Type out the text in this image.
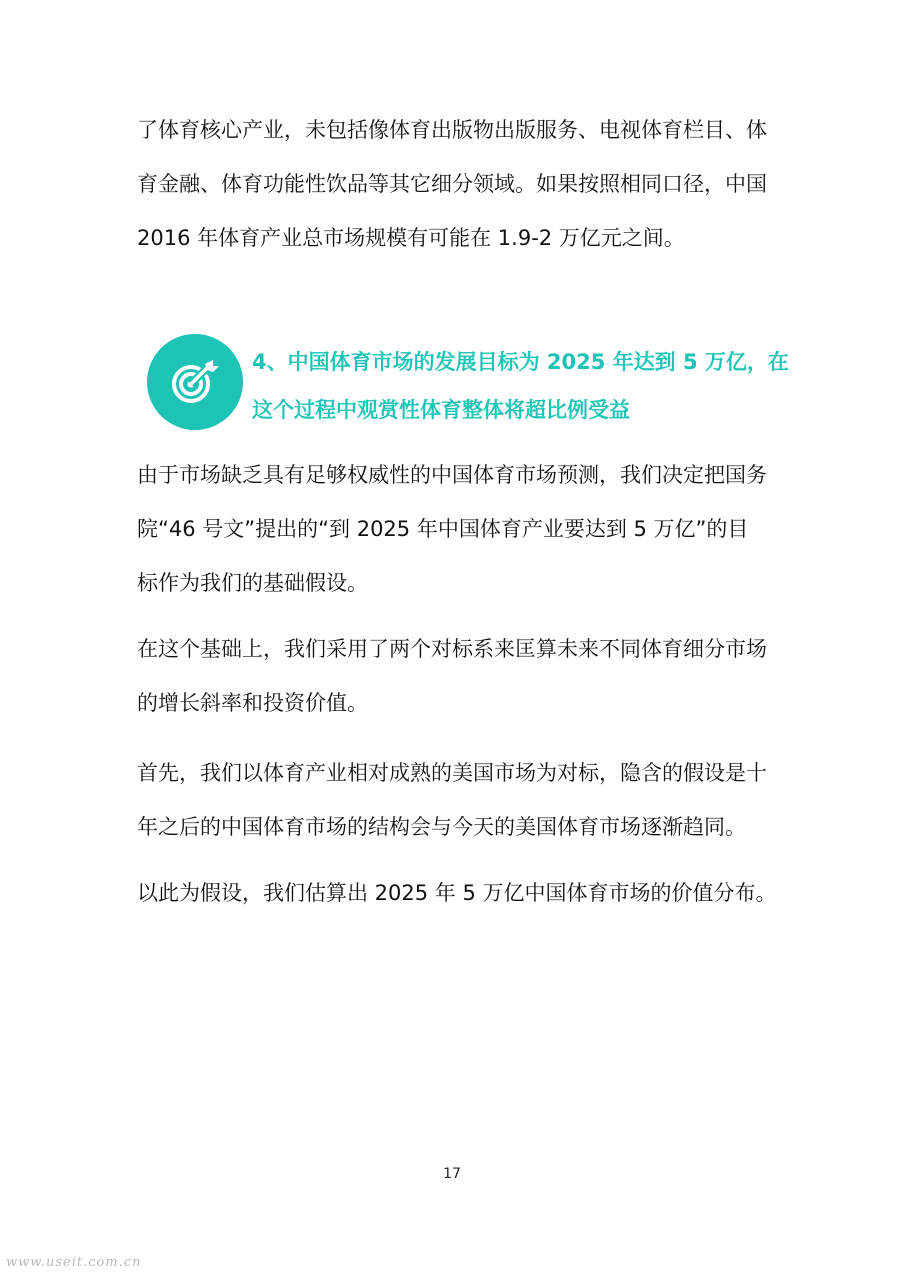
了体育核心产业，未包括像体育出版物出版服务、电视体育栏目、体
育金融、体育功能性饮品等其它细分领域。如果按照相同口径，中国
2016 年体育产业总市场规模有可能在 1.9-2 万亿元之间。
4、中国体育市场的发展目标为 2025 年达到 5 万亿，在
这个过程中观赏性体育整体将超比例受益
由于市场缺乏具有足够权威性的中国体育市场预测，我们决定把国务
院“46 号文”提出的“到 2025 年中国体育产业要达到 5 万亿”的目
标作为我们的基础假设。
在这个基础上，我们采用了两个对标系来匡算未来不同体育细分市场
的增长斜率和投资价值。
首先，我们以体育产业相对成熟的美国市场为对标，隐含的假设是十
年之后的中国体育市场的结构会与今天的美国体育市场逐渐趋同。
以此为假设，我们估算出 2025 年 5 万亿中国体育市场的价值分布。
17
www.useit.com.cn
